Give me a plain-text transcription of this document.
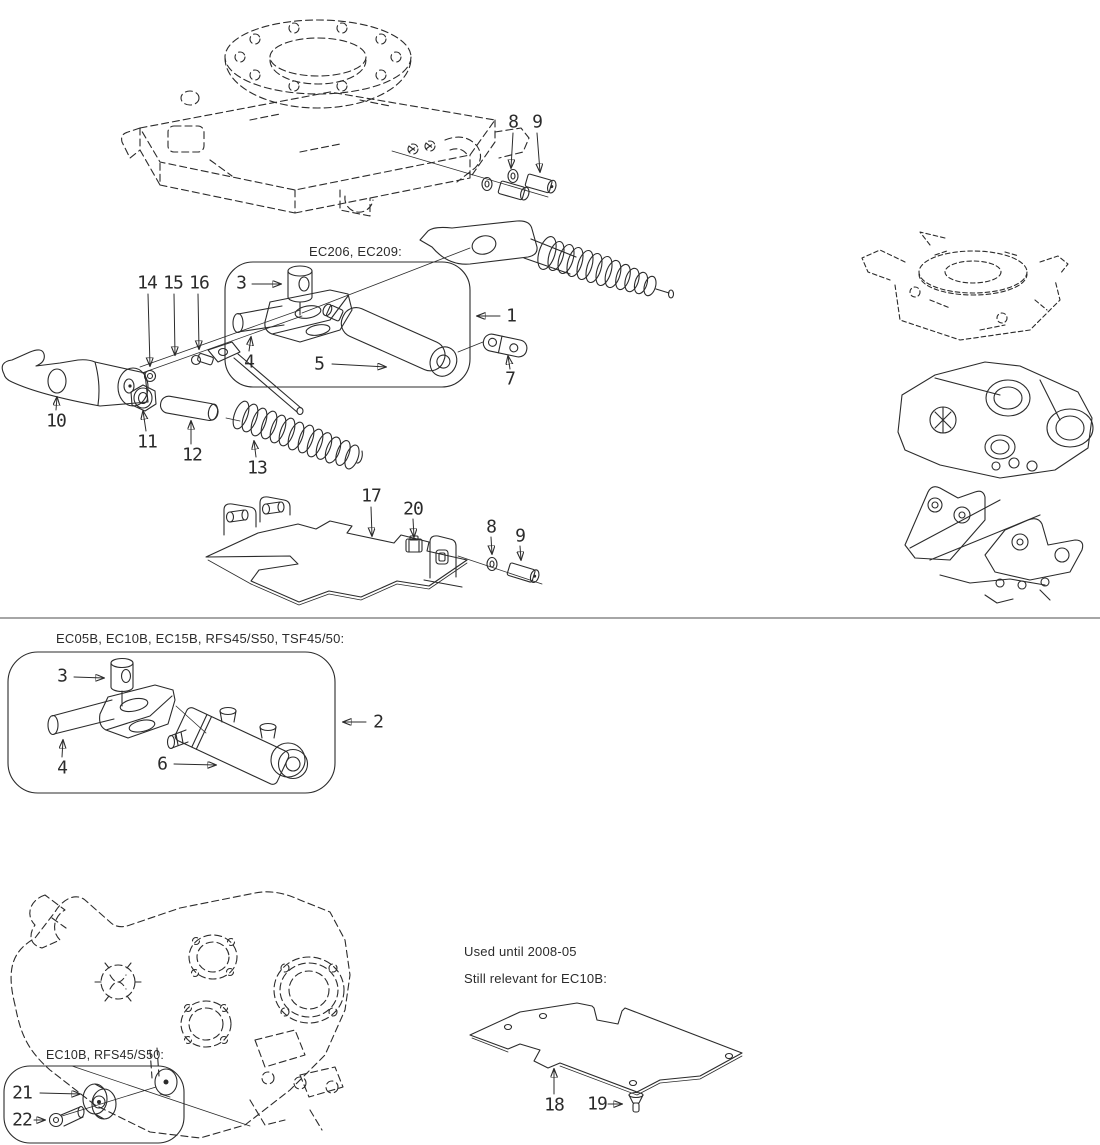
EC206, EC209:
EC05B, EC10B, EC15B, RFS45/S50, TSF45/50:
EC10B, RFS45/S50:
Used until 2008-05
Still relevant for EC10B:
8 9
14 15 16 3
4	5
1
7
10
11
12
13
17
20
8 9
3
4	6
2
21
22
18 19
